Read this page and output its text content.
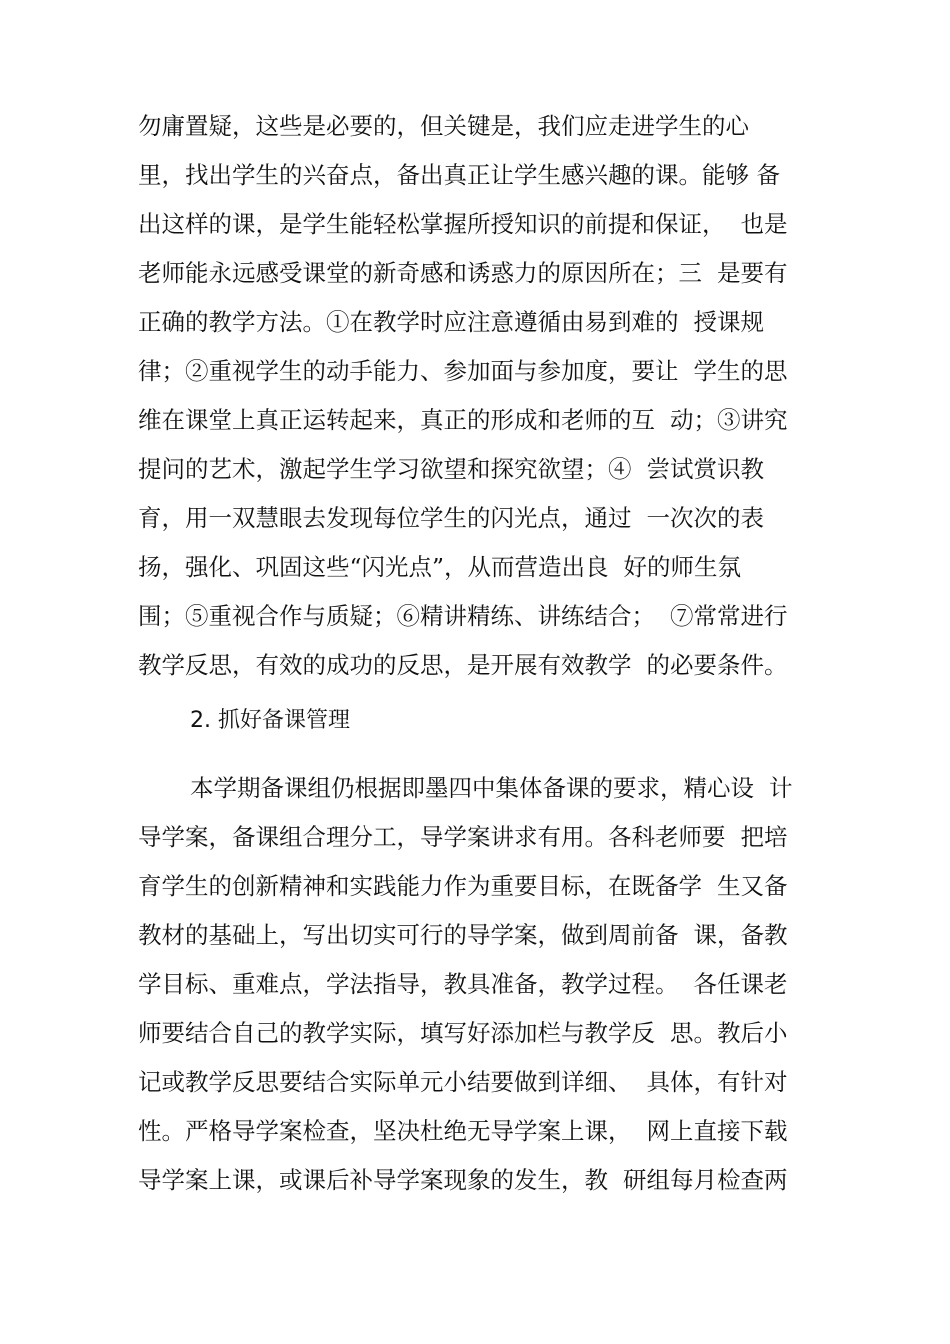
勿庸置疑，这些是必要的，但关键是，我们应走进学生的心
里，找出学生的兴奋点，备出真正让学生感兴趣的课。能够 备
出这样的课，是学生能轻松掌握所授知识的前提和保证，  也是
老师能永远感受课堂的新奇感和诱惑力的原因所在；三  是要有
正确的教学方法。①在教学时应注意遵循由易到难的  授课规
律；②重视学生的动手能力、参加面与参加度，要让  学生的思
维在课堂上真正运转起来，真正的形成和老师的互  动；③讲究
提问的艺术，激起学生学习欲望和探究欲望；④  尝试赏识教
育，用一双慧眼去发现每位学生的闪光点，通过  一次次的表
扬，强化、巩固这些“闪光点”，从而营造出良  好的师生氛
围；⑤重视合作与质疑；⑥精讲精练、讲练结合；  ⑦常常进行
教学反思，有效的成功的反思，是开展有效教学  的必要条件。
2. 抓好备课管理
本学期备课组仍根据即墨四中集体备课的要求，精心设  计
导学案，备课组合理分工，导学案讲求有用。各科老师要  把培
育学生的创新精神和实践能力作为重要目标，在既备学  生又备
教材的基础上，写出切实可行的导学案，做到周前备  课，备教
学目标、重难点，学法指导，教具准备，教学过程。  各任课老
师要结合自己的教学实际，填写好添加栏与教学反  思。教后小
记或教学反思要结合实际单元小结要做到详细、  具体，有针对
性。严格导学案检查，坚决杜绝无导学案上课，  网上直接下载
导学案上课，或课后补导学案现象的发生，教  研组每月检查两
